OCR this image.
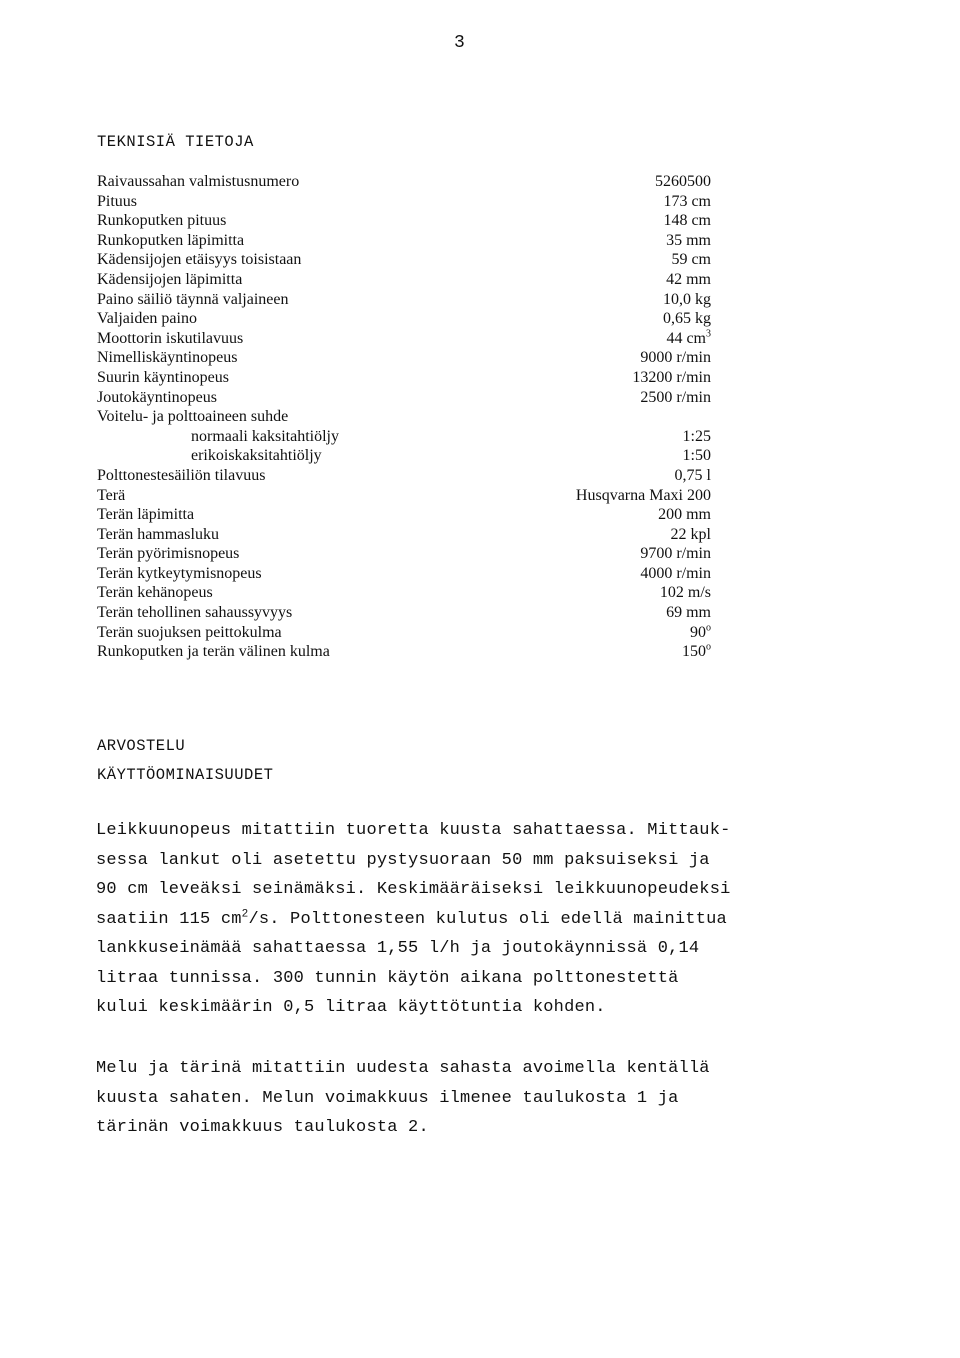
3
TEKNISIÄ TIETOJA
Raivaussahan valmistusnumero	5260500
Pituus	173 cm
Runkoputken pituus	148 cm
Runkoputken läpimitta	35 mm
Kädensijojen etäisyys toisistaan	59 cm
Kädensijojen läpimitta	42 mm
Paino säiliö täynnä valjaineen	10,0 kg
Valjaiden paino	0,65 kg
Moottorin iskutilavuus	44 $cm^3$
Nimelliskäyntinopeus	9000 r/min
Suurin käyntinopeus	13200 r/min
Joutokäyntinopeus	2500 r/min
Voitelu- ja polttoaineen suhde
normaali kaksitahtiöljy	1:25
erikoiskaksitahtiöljy	1:50
Polttonestesäiliön tilavuus	0,75 l
Terä	Husqvarna Maxi 200
Terän läpimitta	200 mm
Terän hammasluku	22 kpl
Terän pyörimisnopeus	9700 r/min
Terän kytkeytymisnopeus	4000 r/min
Terän kehänopeus	102 m/s
Terän tehollinen sahaussyvyys	69 mm
Terän suojuksen peittokulma	90$^o$
Runkoputken ja terän välinen kulma	150$^o$
ARVOSTELU
KÄYTTÖOMINAISUUDET

Leikkuunopeus mitattiin tuoretta kuusta sahattaessa. Mittauk-
sessa lankut oli asetettu pystysuoraan 50 mm paksuiseksi ja
90 cm leveäksi seinämäksi. Keskimääräiseksi leikkuunopeudeksi
saatiin 115 $cm^2/s$. Polttonesteen kulutus oli edellä mainittua
lankkuseinämää sahattaessa 1,55 l/h ja joutokäynnissä 0,14
litraa tunnissa. 300 tunnin käytön aikana polttonestettä
kului keskimäärin 0,5 litraa käyttötuntia kohden.

Melu ja tärinä mitattiin uudesta sahasta avoimella kentällä
kuusta sahaten. Melun voimakkuus ilmenee taulukosta 1 ja
tärinän voimakkuus taulukosta 2.
